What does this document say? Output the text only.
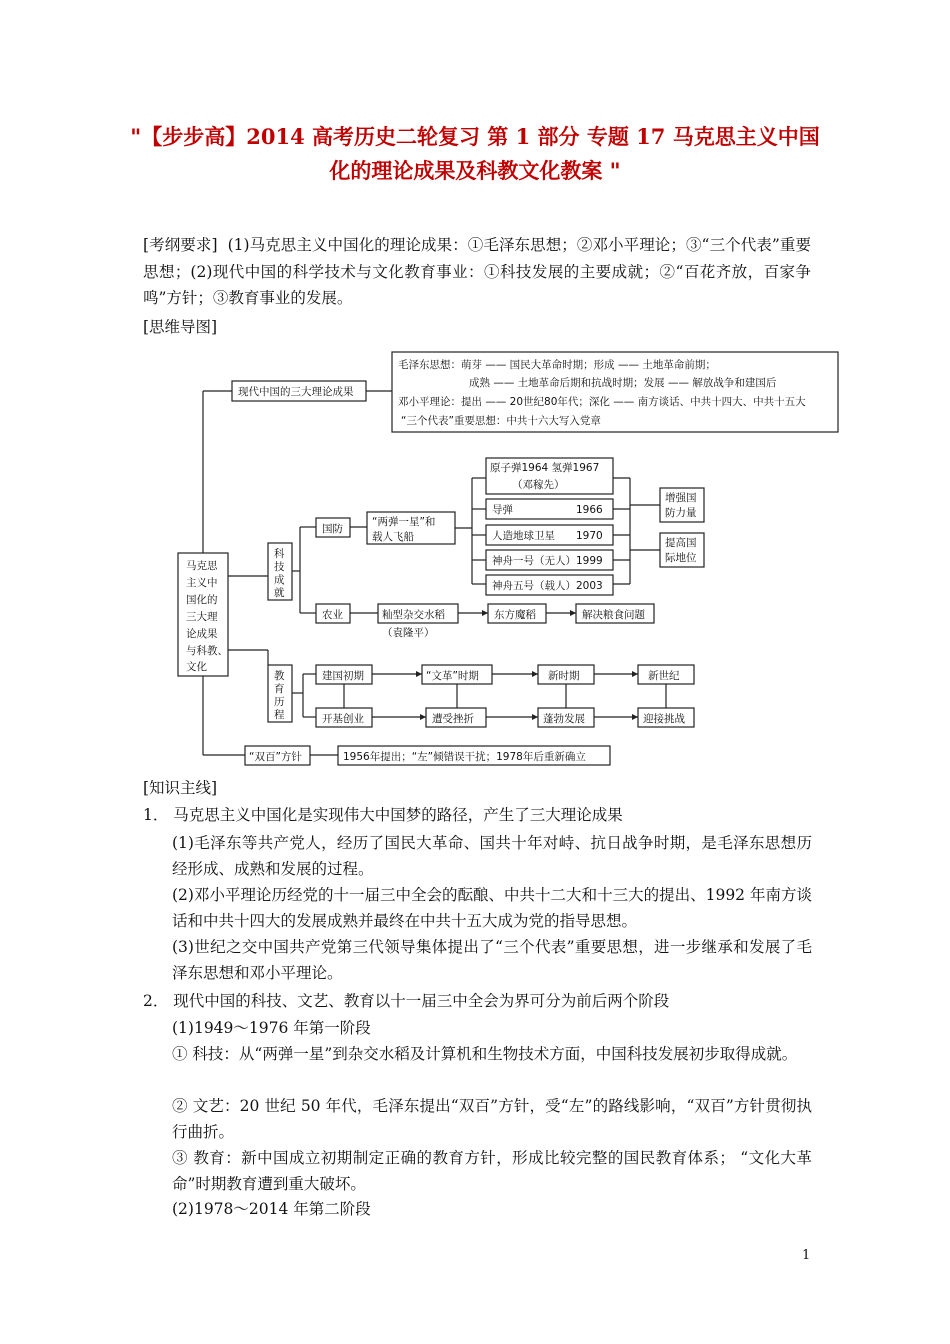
"【步步高】2014 高考历史二轮复习 第 1 部分 专题 17 马克思主义中国
化的理论成果及科教文化教案 "
[考纲要求] (1)马克思主义中国化的理论成果：①毛泽东思想；②邓小平理论；③“三个代表”重要思想；(2)现代中国的科学技术与文化教育事业：①科技发展的主要成就；②“百花齐放，百家争鸣”方针；③教育事业的发展。
[思维导图]
马克思
主义中
国化的
三大理
论成果
与科教、
文化
现代中国的三大理论成果
毛泽东思想：萌芽 —— 国民大革命时期；形成 —— 土地革命前期；
成熟 —— 土地革命后期和抗战时期；发展 —— 解放战争和建国后
邓小平理论：提出 —— 20世纪80年代；深化 —— 南方谈话、中共十四大、中共十五大
“三个代表”重要思想：中共十六大写入党章
科
技
成
就
国防
“两弹一星”和
载人飞船
原子弹1964 氢弹1967
（邓稼先）
导弹	1966
人造地球卫星 1970
神舟一号（无人）1999
神舟五号（载人）2003
增强国
防力量
提高国
际地位
农业	籼型杂交水稻
（袁隆平）
东方魔稻	解决粮食问题
教
育
历
程
建国初期	“文革”时期	新时期	新世纪
开基创业	遭受挫折	蓬勃发展	迎接挑战
“双百”方针	1956年提出；“左”倾错误干扰；1978年后重新确立
[知识主线]
1． 马克思主义中国化是实现伟大中国梦的路径，产生了三大理论成果
(1)毛泽东等共产党人，经历了国民大革命、国共十年对峙、抗日战争时期，是毛泽东思想历经形成、成熟和发展的过程。
(2)邓小平理论历经党的十一届三中全会的酝酿、中共十二大和十三大的提出、1992 年南方谈话和中共十四大的发展成熟并最终在中共十五大成为党的指导思想。
(3)世纪之交中国共产党第三代领导集体提出了“三个代表”重要思想，进一步继承和发展了毛泽东思想和邓小平理论。
2． 现代中国的科技、文艺、教育以十一届三中全会为界可分为前后两个阶段
(1)1949～1976 年第一阶段
① 科技：从“两弹一星”到杂交水稻及计算机和生物技术方面，中国科技发展初步取得成就。
② 文艺：20 世纪 50 年代，毛泽东提出“双百”方针，受“左”的路线影响，“双百”方针贯彻执行曲折。
③ 教育：新中国成立初期制定正确的教育方针，形成比较完整的国民教育体系； “文化大革命”时期教育遭到重大破坏。
(2)1978～2014 年第二阶段
1
